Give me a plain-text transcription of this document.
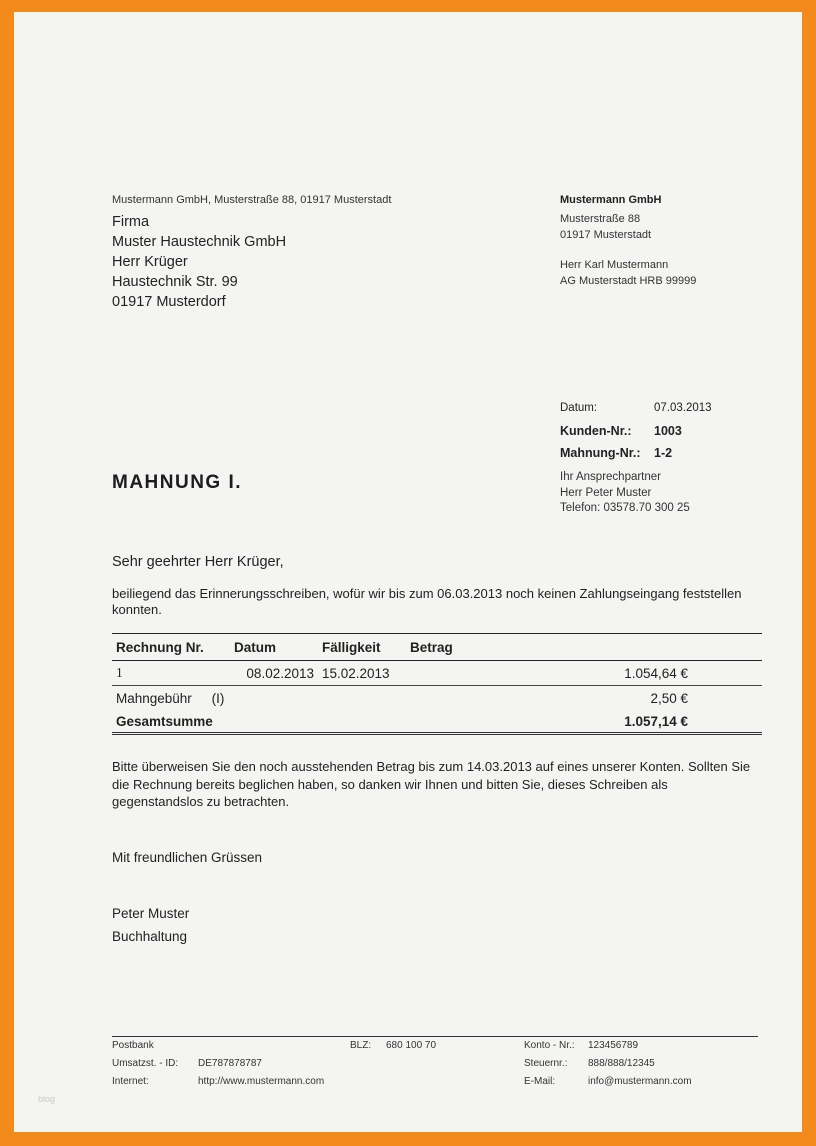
Mustermann GmbH, Musterstraße 88, 01917 Musterstadt
Firma
Muster Haustechnik GmbH
Herr Krüger
Haustechnik Str. 99
01917 Musterdorf
Mustermann GmbH
Musterstraße 88
01917 Musterstadt
Herr Karl Mustermann
AG Musterstadt HRB 99999
Datum:	07.03.2013
Kunden-Nr.: 1003
Mahnung-Nr.: 1-2
Ihr Ansprechpartner
Herr Peter Muster
Telefon: 03578.70 300 25
MAHNUNG I.
Sehr geehrter Herr Krüger,
beiliegend das Erinnerungsschreiben, wofür wir bis zum 06.03.2013 noch keinen Zahlungseingang feststellen konnten.
Rechnung Nr.	Datum	Fälligkeit	Betrag
1	08.02.2013	15.02.2013	1.054,64 €
Mahngebühr (I)			2,50 €
Gesamtsumme			1.057,14 €
Bitte überweisen Sie den noch ausstehenden Betrag bis zum 14.03.2013 auf eines unserer Konten. Sollten Sie die Rechnung bereits beglichen haben, so danken wir Ihnen und bitten Sie, dieses Schreiben als gegenstandslos zu betrachten.
Mit freundlichen Grüssen
Peter Muster
Buchhaltung
Postbank	BLZ: 680 100 70	Konto - Nr.: 123456789
Umsatzst. - ID: DE787878787	Steuernr.: 888/888/12345
Internet:	http://www.mustermann.com	E-Mail:	info@mustermann.com
blog
